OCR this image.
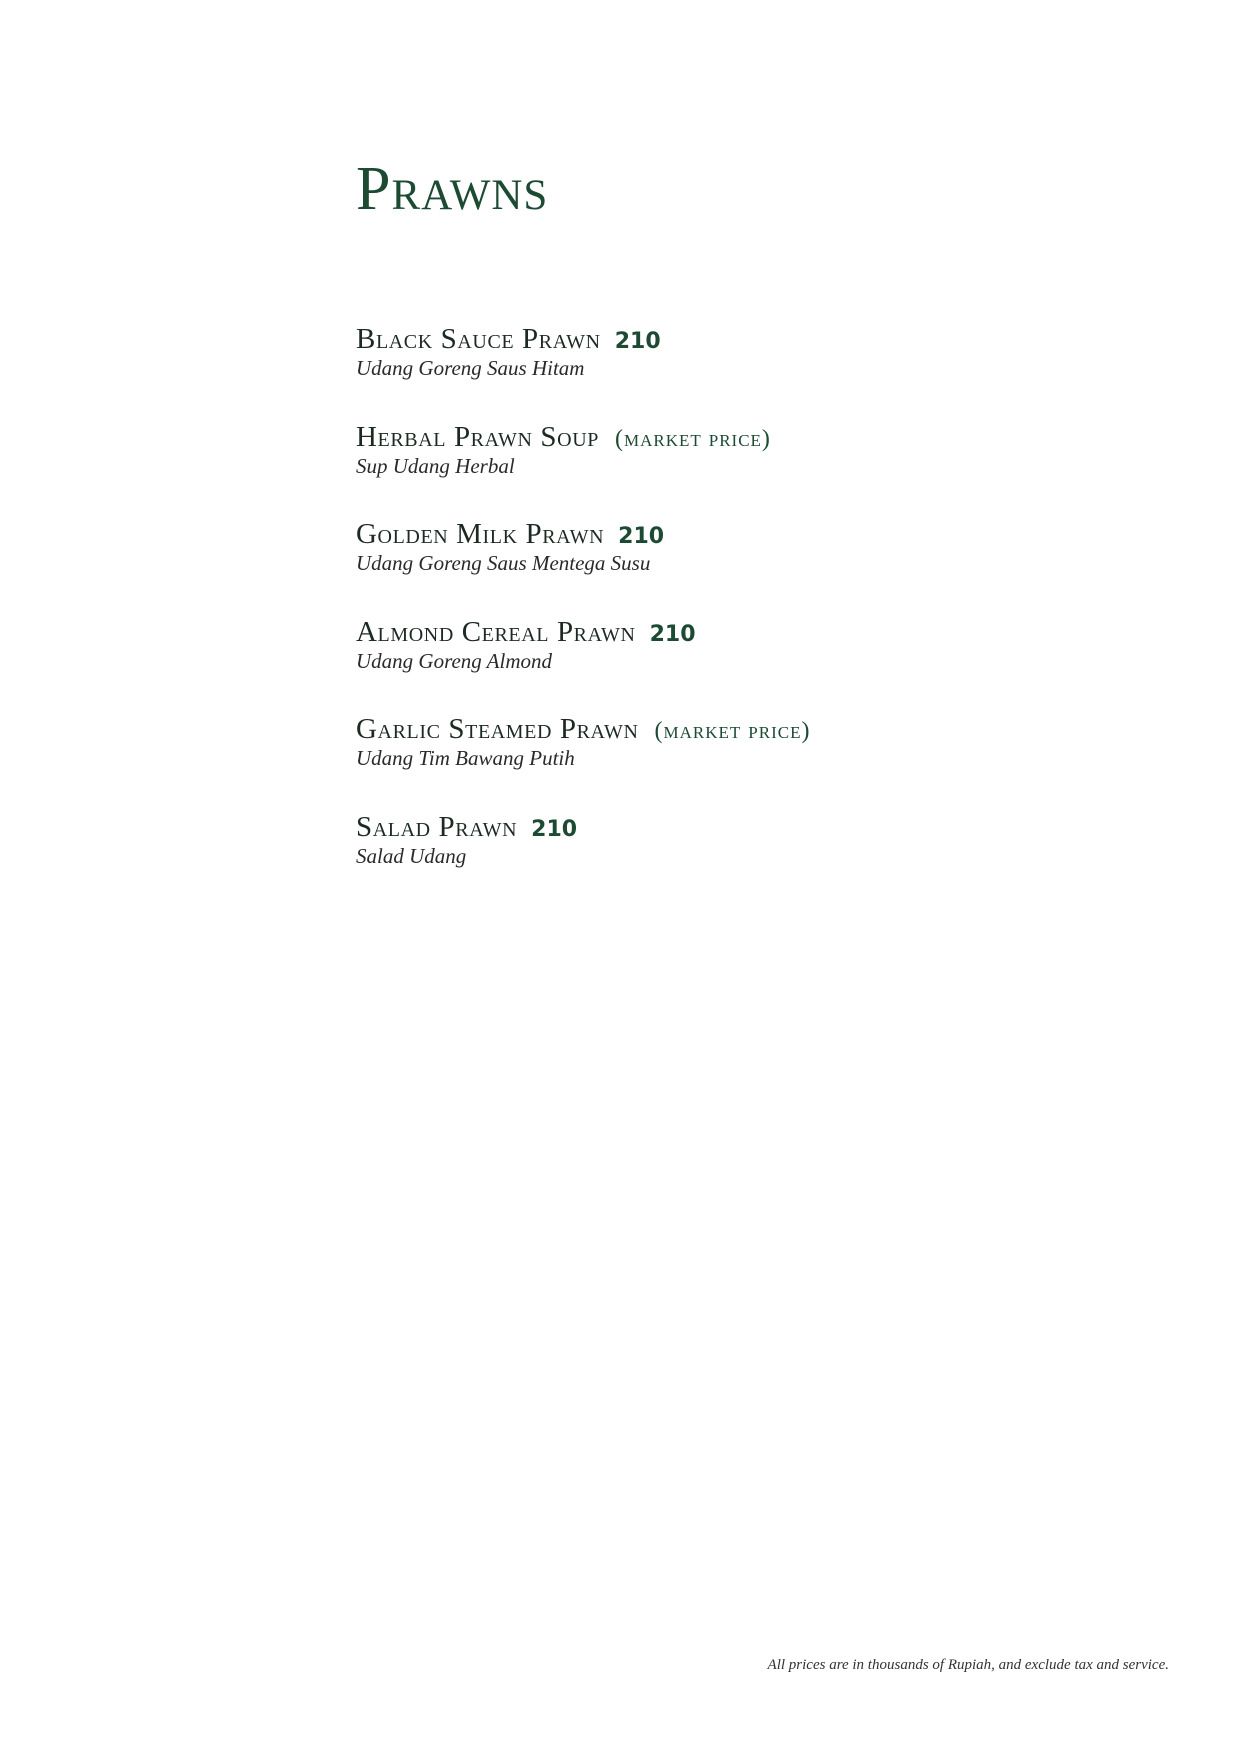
Prawns
Black Sauce Prawn 210
Udang Goreng Saus Hitam
Herbal Prawn Soup (market price)
Sup Udang Herbal
Golden Milk Prawn 210
Udang Goreng Saus Mentega Susu
Almond Cereal Prawn 210
Udang Goreng Almond
Garlic Steamed Prawn (market price)
Udang Tim Bawang Putih
Salad Prawn 210
Salad Udang

All prices are in thousands of Rupiah, and exclude tax and service.
